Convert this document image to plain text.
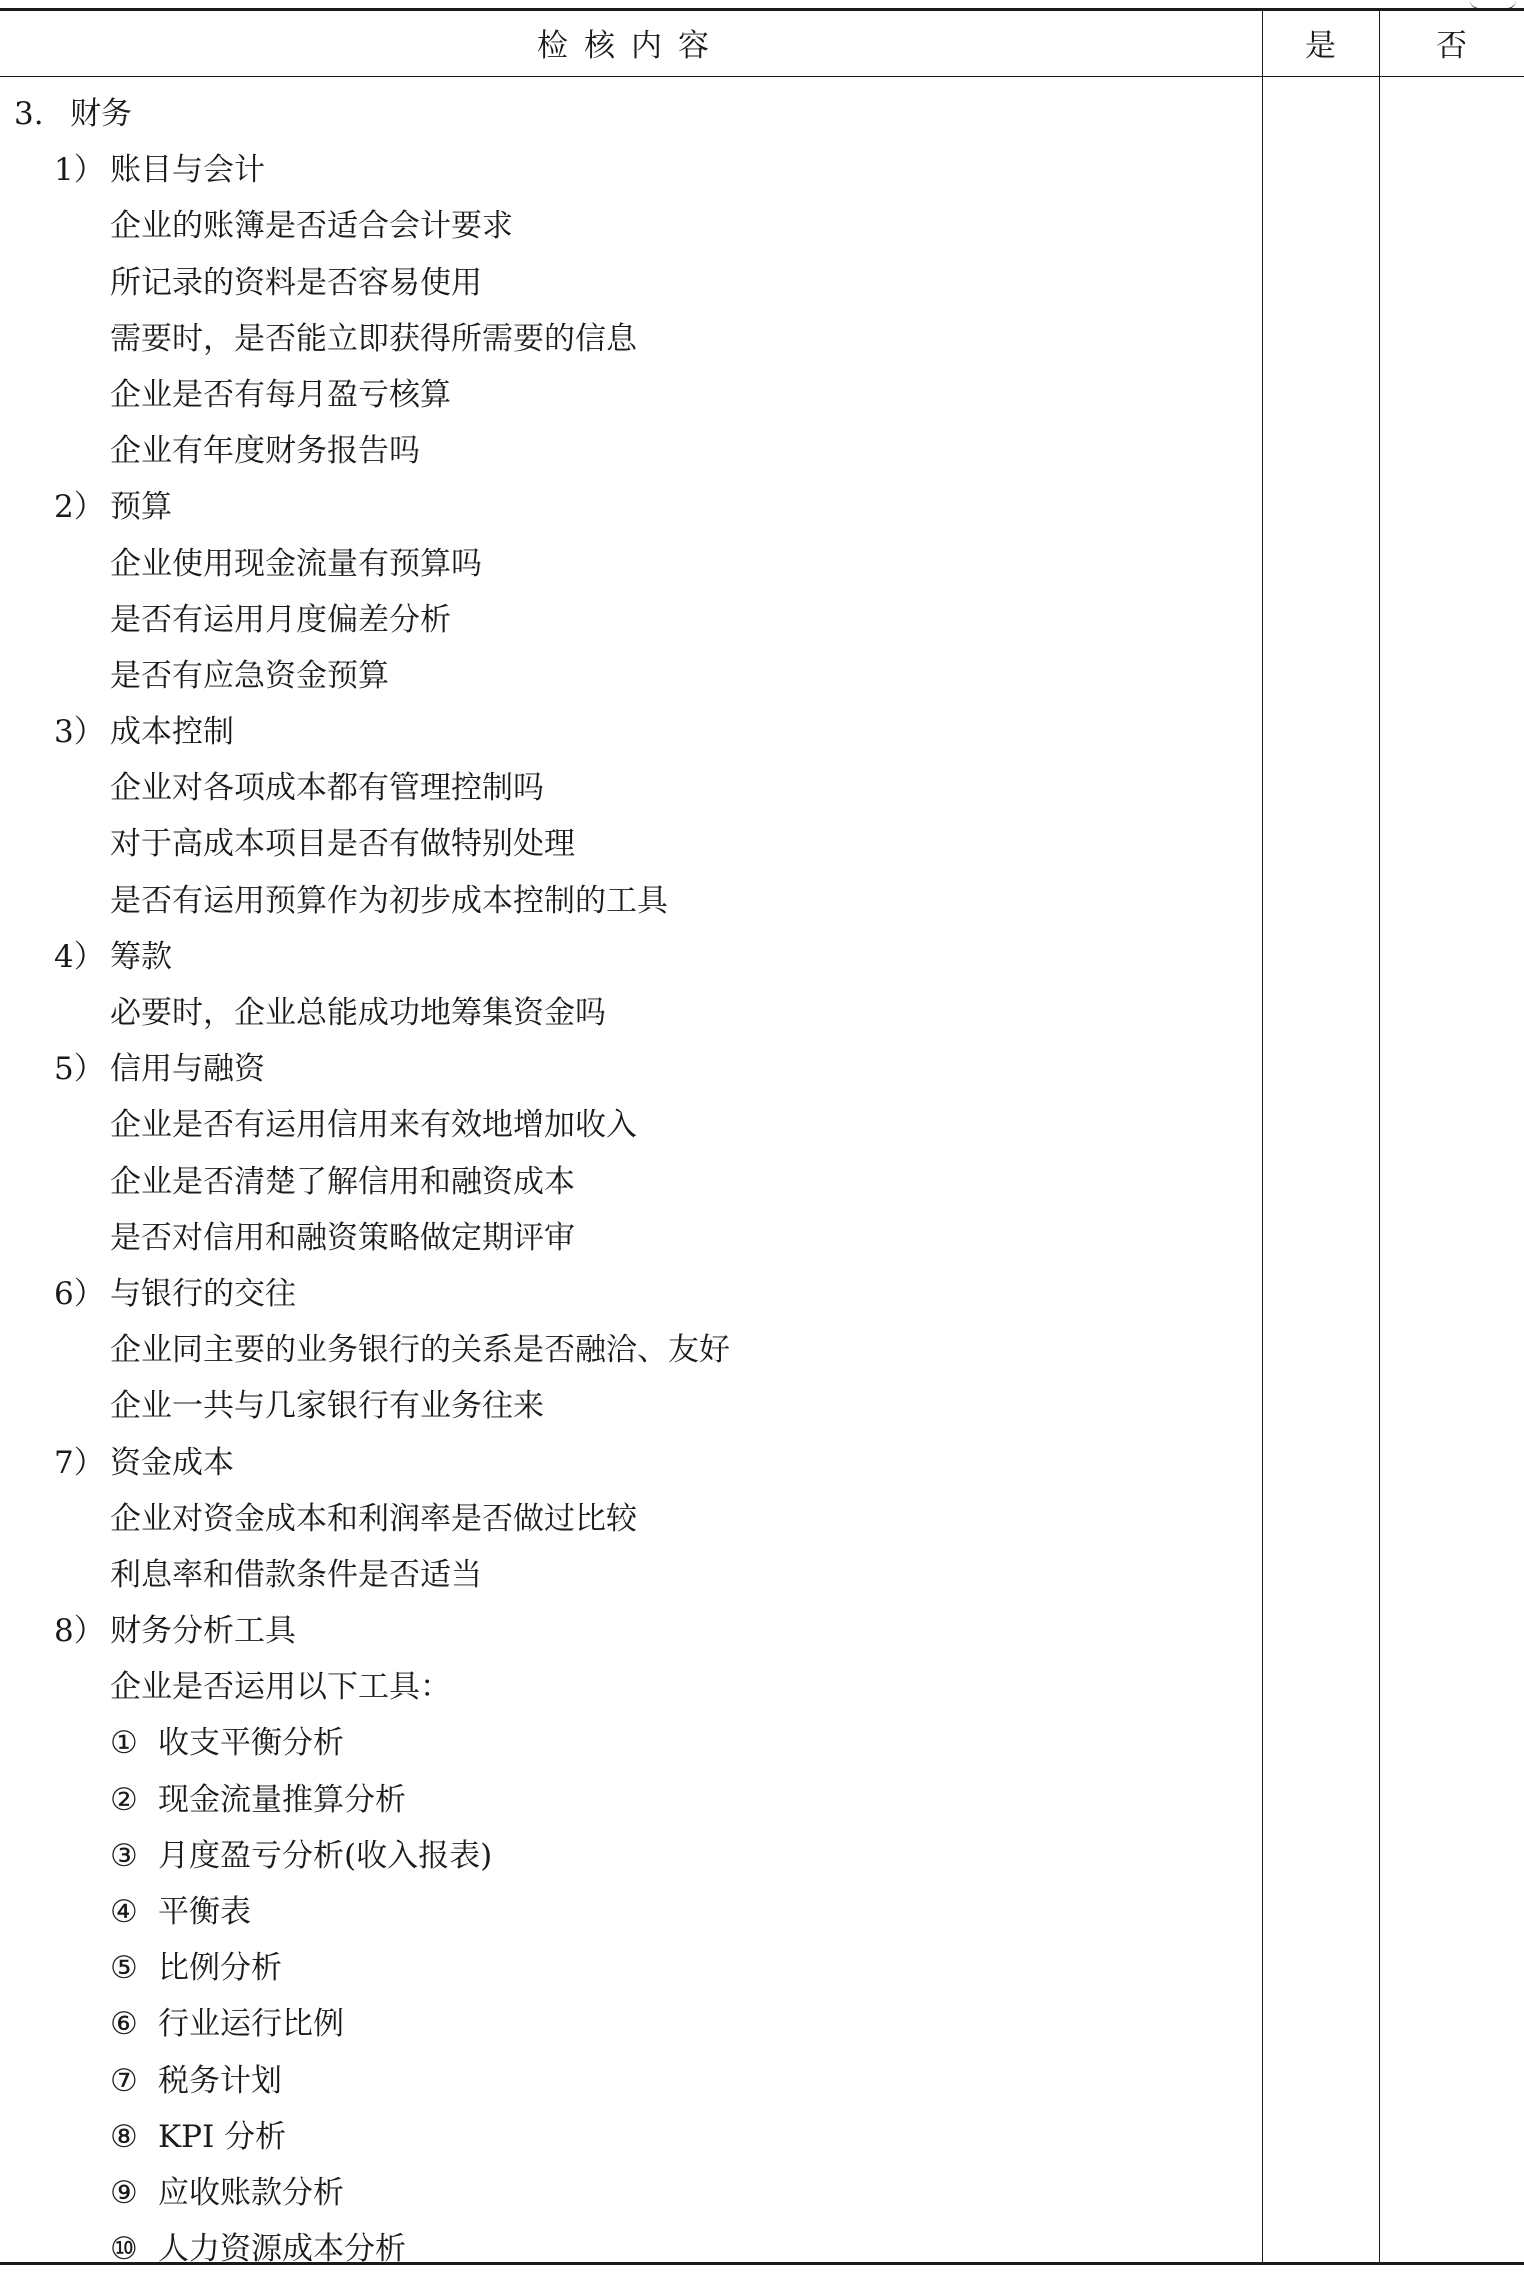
检核内容	是	否
3. 财务
1） 账目与会计
企业的账簿是否适合会计要求
所记录的资料是否容易使用
需要时，是否能立即获得所需要的信息
企业是否有每月盈亏核算
企业有年度财务报告吗
2） 预算
企业使用现金流量有预算吗
是否有运用月度偏差分析
是否有应急资金预算
3） 成本控制
企业对各项成本都有管理控制吗
对于高成本项目是否有做特别处理
是否有运用预算作为初步成本控制的工具
4） 筹款
必要时，企业总能成功地筹集资金吗
5） 信用与融资
企业是否有运用信用来有效地增加收入
企业是否清楚了解信用和融资成本
是否对信用和融资策略做定期评审
6） 与银行的交往
企业同主要的业务银行的关系是否融洽、友好
企业一共与几家银行有业务往来
7） 资金成本
企业对资金成本和利润率是否做过比较
利息率和借款条件是否适当
8） 财务分析工具
企业是否运用以下工具：
① 收支平衡分析
② 现金流量推算分析
③ 月度盈亏分析(收入报表)
④ 平衡表
⑤ 比例分析
⑥ 行业运行比例
⑦ 税务计划
⑧ KPI 分析
⑨ 应收账款分析
⑩ 人力资源成本分析
